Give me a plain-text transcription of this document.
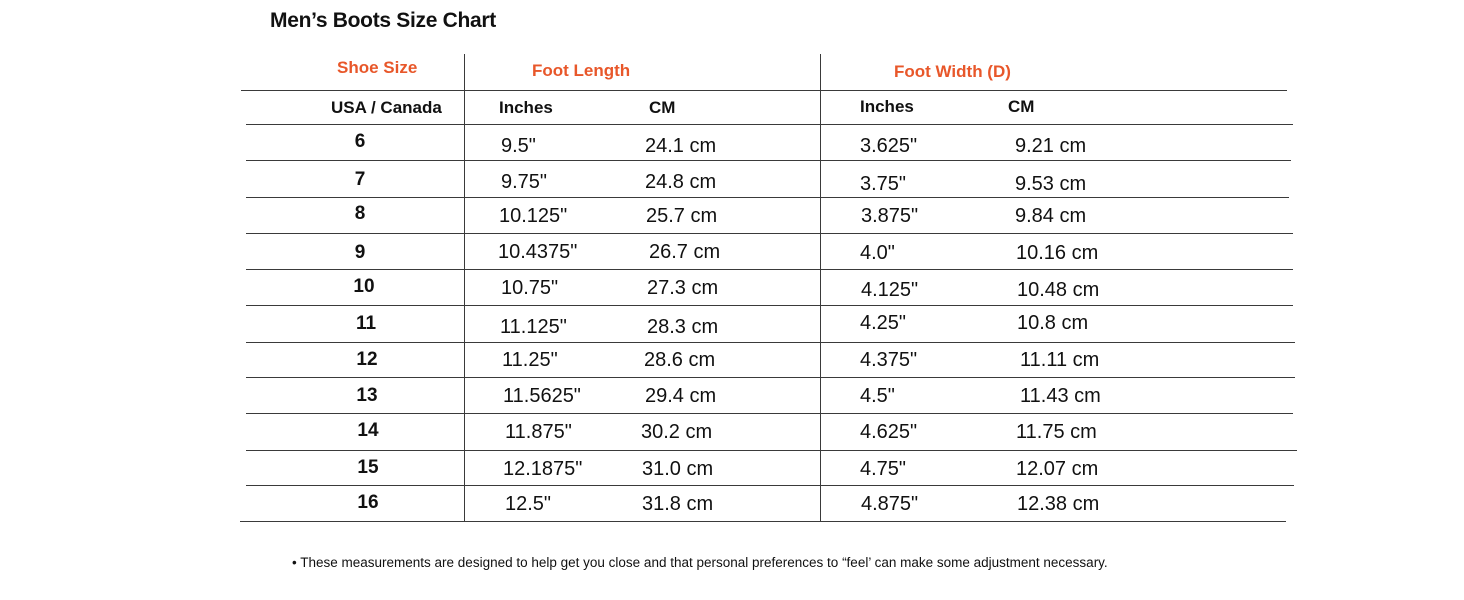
Men’s Boots Size Chart
Shoe Size	Foot Length	Foot Width (D)
USA / Canada	Inches	CM	Inches	CM
6	9.5"	24.1 cm	3.625"	9.21 cm
7	9.75"	24.8 cm	3.75"	9.53 cm
8	10.125"	25.7 cm	3.875"	9.84 cm
9	10.4375"	26.7 cm	4.0"	10.16 cm
10	10.75"	27.3 cm	4.125"	10.48 cm
11	11.125"	28.3 cm	4.25"	10.8 cm
12	11.25"	28.6 cm	4.375"	11.11 cm
13	11.5625"	29.4 cm	4.5"	11.43 cm
14	11.875"	30.2 cm	4.625"	11.75 cm
15	12.1875"	31.0 cm	4.75"	12.07 cm
16	12.5"	31.8 cm	4.875"	12.38 cm
• These measurements are designed to help get you close and that personal preferences to “feel’ can make some adjustment necessary.
